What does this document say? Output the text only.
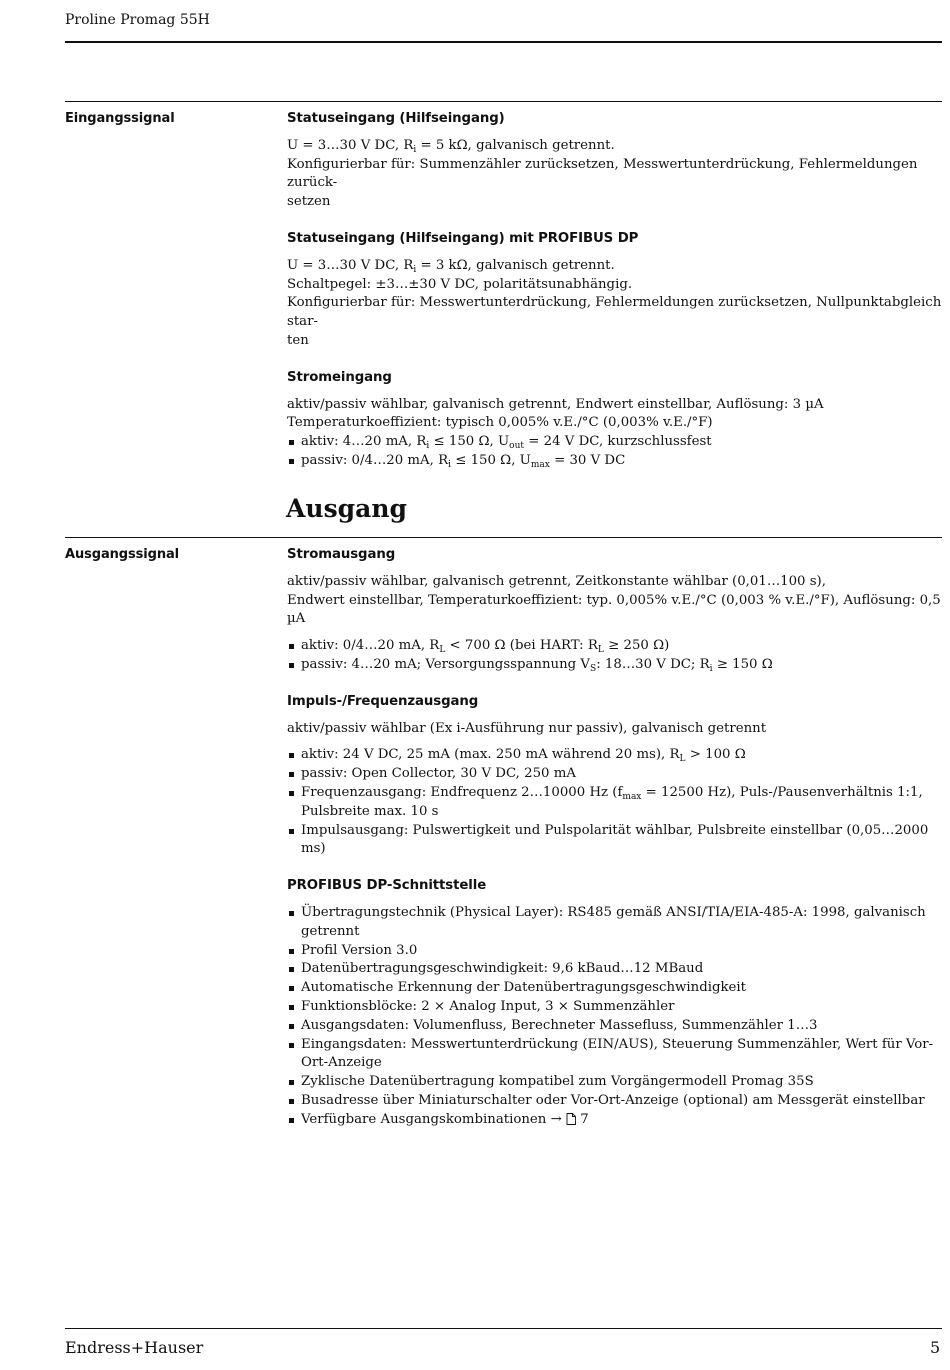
Proline Promag 55H
Eingangssignal	Statuseingang (Hilfseingang)

U = 3…30 V DC, $R_i = 5$ kΩ, galvanisch getrennt.

Konfigurierbar für: Summenzähler zurücksetzen, Messwertunterdrückung, Fehlermeldungen zurück-

setzen

Statuseingang (Hilfseingang) mit PROFIBUS DP

U = 3…30 V DC, $R_i = 3$ kΩ, galvanisch getrennt.

Schaltpegel: ±3…±30 V DC, polaritätsunabhängig.

Konfigurierbar für: Messwertunterdrückung, Fehlermeldungen zurücksetzen, Nullpunktabgleich star-

ten

Stromeingang

aktiv/passiv wählbar, galvanisch getrennt, Endwert einstellbar, Auflösung: 3 µA

Temperaturkoeffizient: typisch 0,005% v.E./°C (0,003% v.E./°F)

aktiv: 4…20 mA, $R_i \le 150$ Ω, $U_{out} = 24$ V DC, kurzschlussfest
passiv: 0/4…20 mA, $R_i \le 150$ Ω, $U_{max} = 30$ V DC
Ausgang
Ausgangssignal	Stromausgang

aktiv/passiv wählbar, galvanisch getrennt, Zeitkonstante wählbar (0,01…100 s),

Endwert einstellbar, Temperaturkoeffizient: typ. 0,005% v.E./°C (0,003 % v.E./°F), Auflösung: 0,5 µA

aktiv: 0/4…20 mA, $R_L < 700$ Ω (bei HART: $R_L \ge 250$ Ω)
passiv: 4…20 mA; Versorgungsspannung $V_S$: 18…30 V DC; $R_i \ge 150$ Ω
Impuls-/Frequenzausgang

aktiv/passiv wählbar (Ex i-Ausführung nur passiv), galvanisch getrennt

aktiv: 24 V DC, 25 mA (max. 250 mA während 20 ms), $R_L > 100$ Ω
passiv: Open Collector, 30 V DC, 250 mA
Frequenzausgang: Endfrequenz 2…10000 Hz ($f_{max} = 12500$ Hz), Puls-/Pausenverhältnis 1:1,
Pulsbreite max. 10 s
Impulsausgang: Pulswertigkeit und Pulspolarität wählbar, Pulsbreite einstellbar (0,05…2000 ms)
PROFIBUS DP-Schnittstelle
Übertragungstechnik (Physical Layer): RS485 gemäß ANSI/TIA/EIA-485-A: 1998, galvanisch getrennt
Profil Version 3.0
Datenübertragungsgeschwindigkeit: 9,6 kBaud…12 MBaud
Automatische Erkennung der Datenübertragungsgeschwindigkeit
Funktionsblöcke: 2 × Analog Input, 3 × Summenzähler
Ausgangsdaten: Volumenfluss, Berechneter Massefluss, Summenzähler 1…3
Eingangsdaten: Messwertunterdrückung (EIN/AUS), Steuerung Summenzähler, Wert für Vor-Ort-Anzeige
Zyklische Datenübertragung kompatibel zum Vorgängermodell Promag 35S
Busadresse über Miniaturschalter oder Vor-Ort-Anzeige (optional) am Messgerät einstellbar
Verfügbare Ausgangskombinationen → 7
Endress+Hauser	5
